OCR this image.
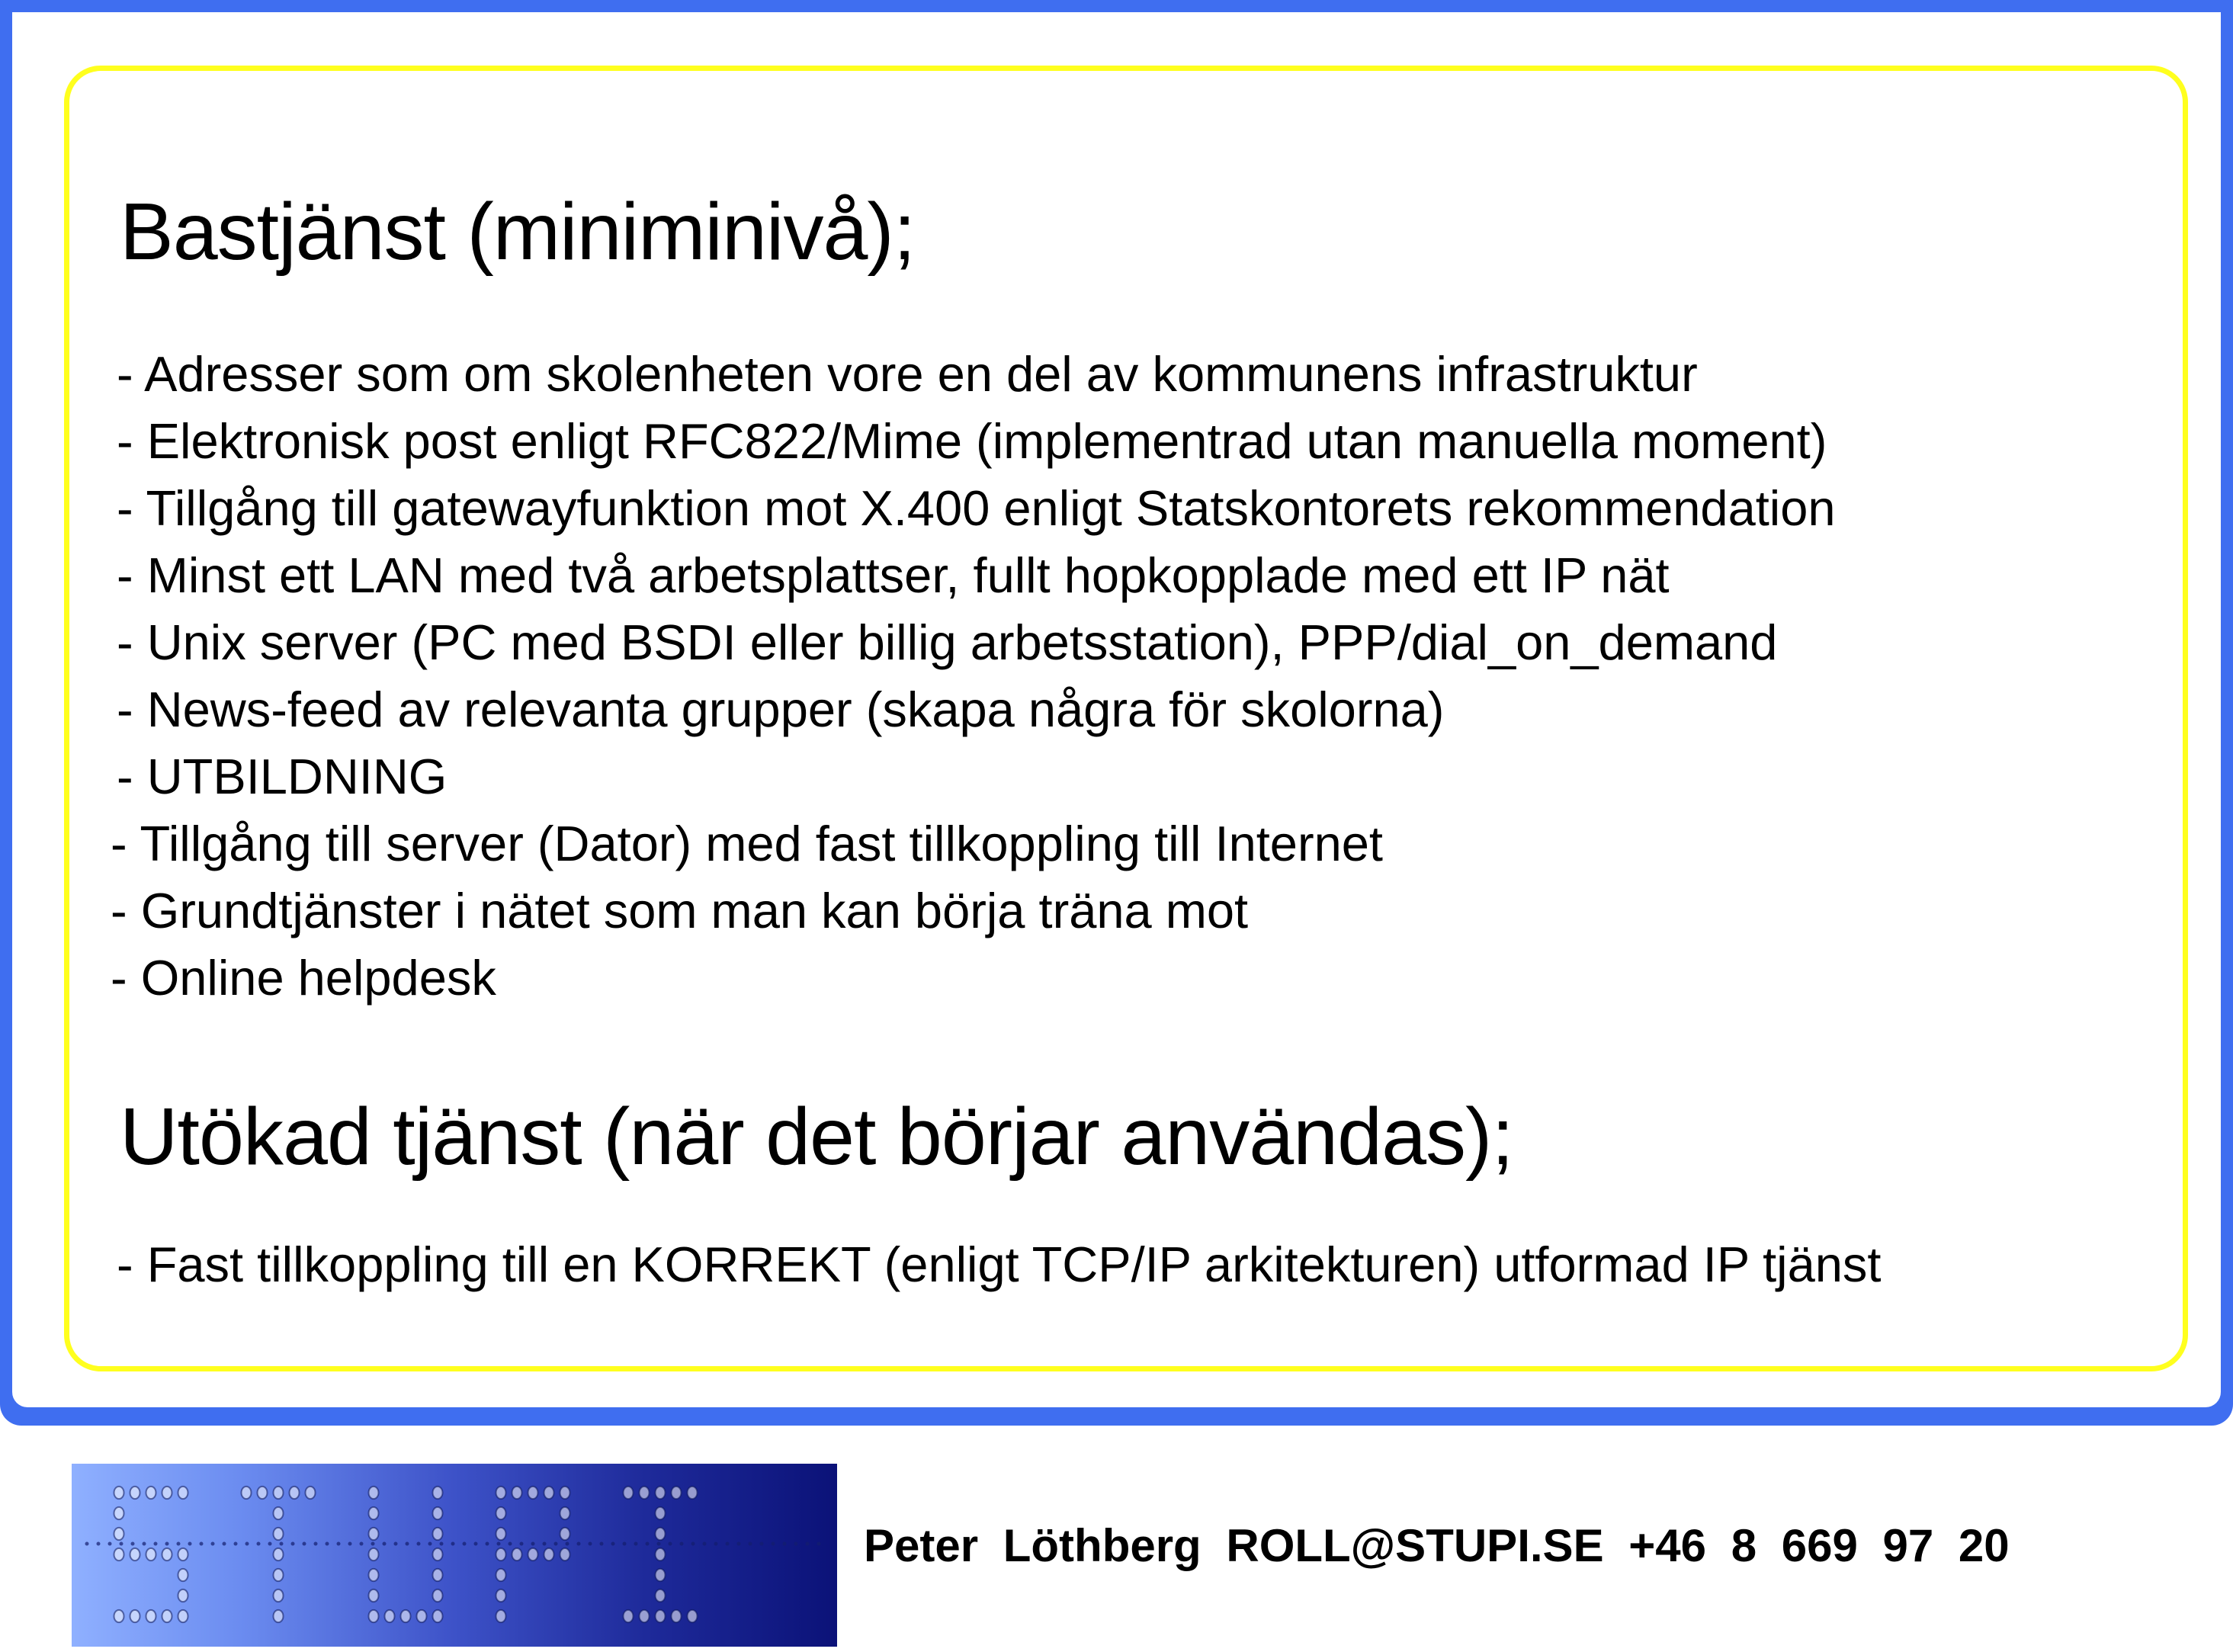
Bastjänst (miniminivå);
- Adresser som om skolenheten vore en del av kommunens infrastruktur
- Elektronisk post enligt RFC822/Mime (implementrad utan manuella moment)
- Tillgång till gatewayfunktion mot X.400 enligt Statskontorets rekommendation
- Minst ett LAN med två arbetsplattser, fullt hopkopplade med ett IP nät
- Unix server (PC med BSDI eller billig arbetsstation), PPP/dial_on_demand
- News-feed av relevanta grupper (skapa några för skolorna)
- UTBILDNING
- Tillgång till server (Dator) med fast tillkoppling till Internet
- Grundtjänster i nätet som man kan börja träna mot
- Online helpdesk
Utökad tjänst (när det börjar användas);
- Fast tillkoppling till en KORREKT (enligt TCP/IP arkitekturen) utformad IP tjänst
Peter Löthberg ROLL@STUPI.SE +46 8 669 97 20
